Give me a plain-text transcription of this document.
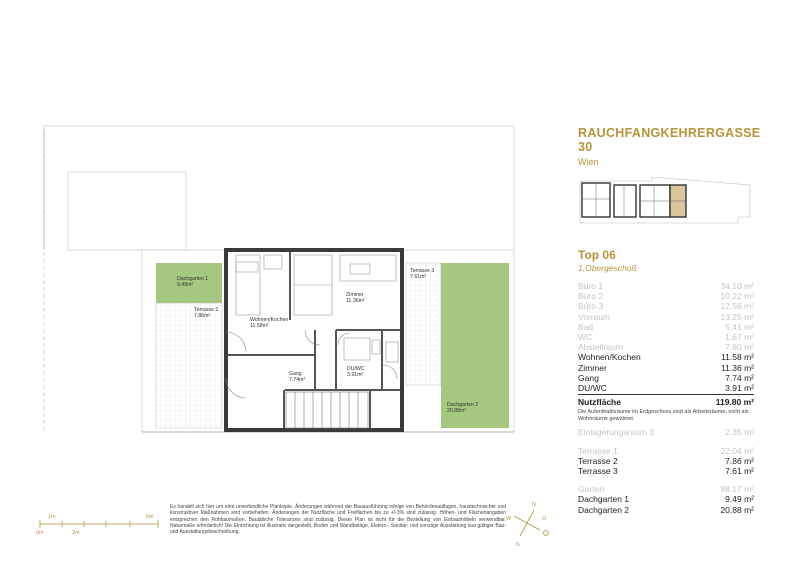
Dachgarten 1
9.49m²
Terrasse 2
7.86m²
Wohnen/Kochen
11.58m²
Zimmer
11.36m²
Terrasse 3
7.61m²
Gang
7.74m²
DU/WC
3.91m²
Dachgarten 2
20.88m²
1m	5m
0m	2m
N
S
W	O
RAUCHFANGKEHRERGASSE 30
Wien
Top 06
1.Obergeschoß
Büro 1	34.10 m²
Büro 2	10.22 m²
Büro 3	12.56 m²
Vorraum	13.25 m²
Bad	5.41 m²
WC	1.67 m²
Abstellraum	7.80 m²
Wohnen/Kochen	11.58 m²
Zimmer	11.36 m²
Gang	7.74 m²
DU/WC	3.91 m²
Nutzfläche	119.80 m²
Die Aufenthaltsräume im Erdgeschoss sind als Arbeitsräume, nicht als Wohnräume gewidmet.
Einlagerungsraum 3	2.35 m²
Terrasse 1	22.04 m²
Terrasse 2	7.86 m²
Terrasse 3	7.61 m²
Garten	88.17 m²
Dachgarten 1	9.49 m²
Dachgarten 2	20.88 m²
Es handelt sich hier um eine unverbindliche Plankopie. Änderungen während der Bauausführung infolge von Behördenauflagen, haustechnischer und konstruktiver Maßnahmen sind vorbehalten. Änderungen der Nutzfläche und Freiflächen bis zu +/-3% sind zulässig. Höhen- und Flächenangaben entsprechen den Rohbaumaßen. Bauübliche Toleranzen sind zulässig. Dieser Plan ist nicht für die Bestellung von Einbaumöbeln verwendbar. Naturmaße erforderlich! Die Einrichtung ist illustrativ dargestellt. Boden und Wandbeläge, Elektro-, Sanitär- und sonstige Ausstattung laut gültiger Bau- und Ausstattungsbeschreibung.
